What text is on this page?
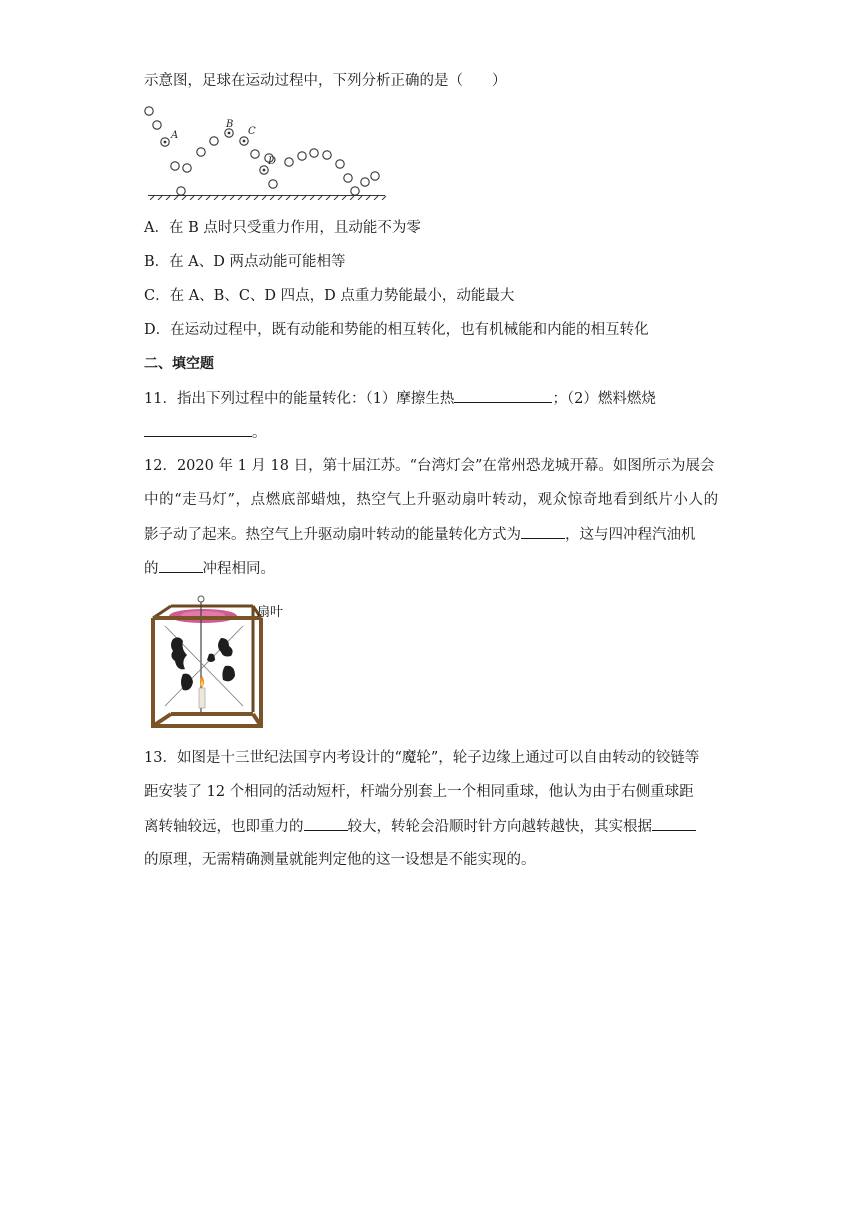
示意图，足球在运动过程中，下列分析正确的是（　　）
A
B
C
D
A．在 B 点时只受重力作用，且动能不为零
B．在 A、D 两点动能可能相等
C．在 A、B、C、D 四点，D 点重力势能最小，动能最大
D．在运动过程中，既有动能和势能的相互转化，也有机械能和内能的相互转化
二、填空题
11．指出下列过程中的能量转化：（1）摩擦生热	；（2）燃料燃烧
。
12．2020 年 1 月 18 日，第十届江苏。“台湾灯会”在常州恐龙城开幕。如图所示为展会
中的“走马灯”，点燃底部蜡烛，热空气上升驱动扇叶转动，观众惊奇地看到纸片小人的
影子动了起来。热空气上升驱动扇叶转动的能量转化方式为	，这与四冲程汽油机
的	冲程相同。
扇叶
13．如图是十三世纪法国亨内考设计的“魔轮”，轮子边缘上通过可以自由转动的铰链等
距安装了 12 个相同的活动短杆，杆端分别套上一个相同重球，他认为由于右侧重球距
离转轴较远，也即重力的	较大，转轮会沿顺时针方向越转越快，其实根据
的原理，无需精确测量就能判定他的这一设想是不能实现的。
